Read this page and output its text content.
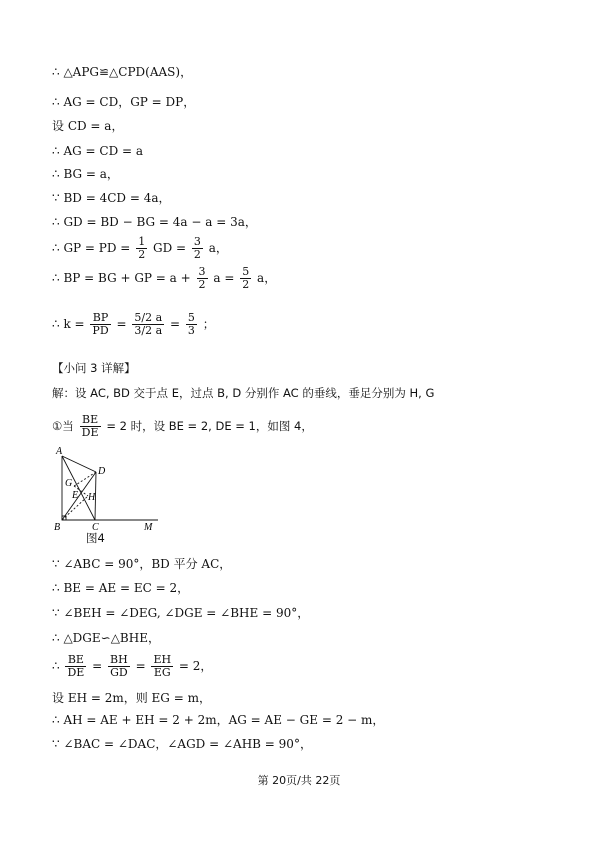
∴ △APG≌△CPD(AAS)，
∴ AG = CD，GP = DP，
设 CD = a，
∴ AG = CD = a
∴ BG = a，
∵ BD = 4CD = 4a，
∴ GD = BD − BG = 4a − a = 3a，
∴ GP = PD = $\frac{1}{2}$ GD = $\frac{3}{2}$ a，
∴ BP = BG + GP = $a + \frac{3}{2}$ $a = \frac{5}{2}$ a，
∴ $k = \frac{BP}{PD} = \frac{5/2 a}{3/2 a} = \frac{5}{3}$ ；
【小问 3 详解】
解：设 AC, BD 交于点 E，过点 B, D 分别作 AC 的垂线，垂足分别为 H, G
①当 $\frac{BE}{DE} = 2$ 时，设 BE = 2, DE = 1，如图 4，
A
B	C
D
E
G
H
M
图4
∵ ∠ABC = 90°，BD 平分 AC，
∴ BE = AE = EC = 2，
∵ ∠BEH = ∠DEG, ∠DGE = ∠BHE = 90°，
∴ △DGE∽△BHE，
∴ $\frac{BE}{DE} = \frac{BH}{GD} = \frac{EH}{EG} = 2$，
设 EH = 2m，则 EG = m，
∴ AH = AE + EH = 2 + 2m，AG = AE − GE = 2 − m，
∵ ∠BAC = ∠DAC，∠AGD = ∠AHB = 90°，
第 20页/共 22页
